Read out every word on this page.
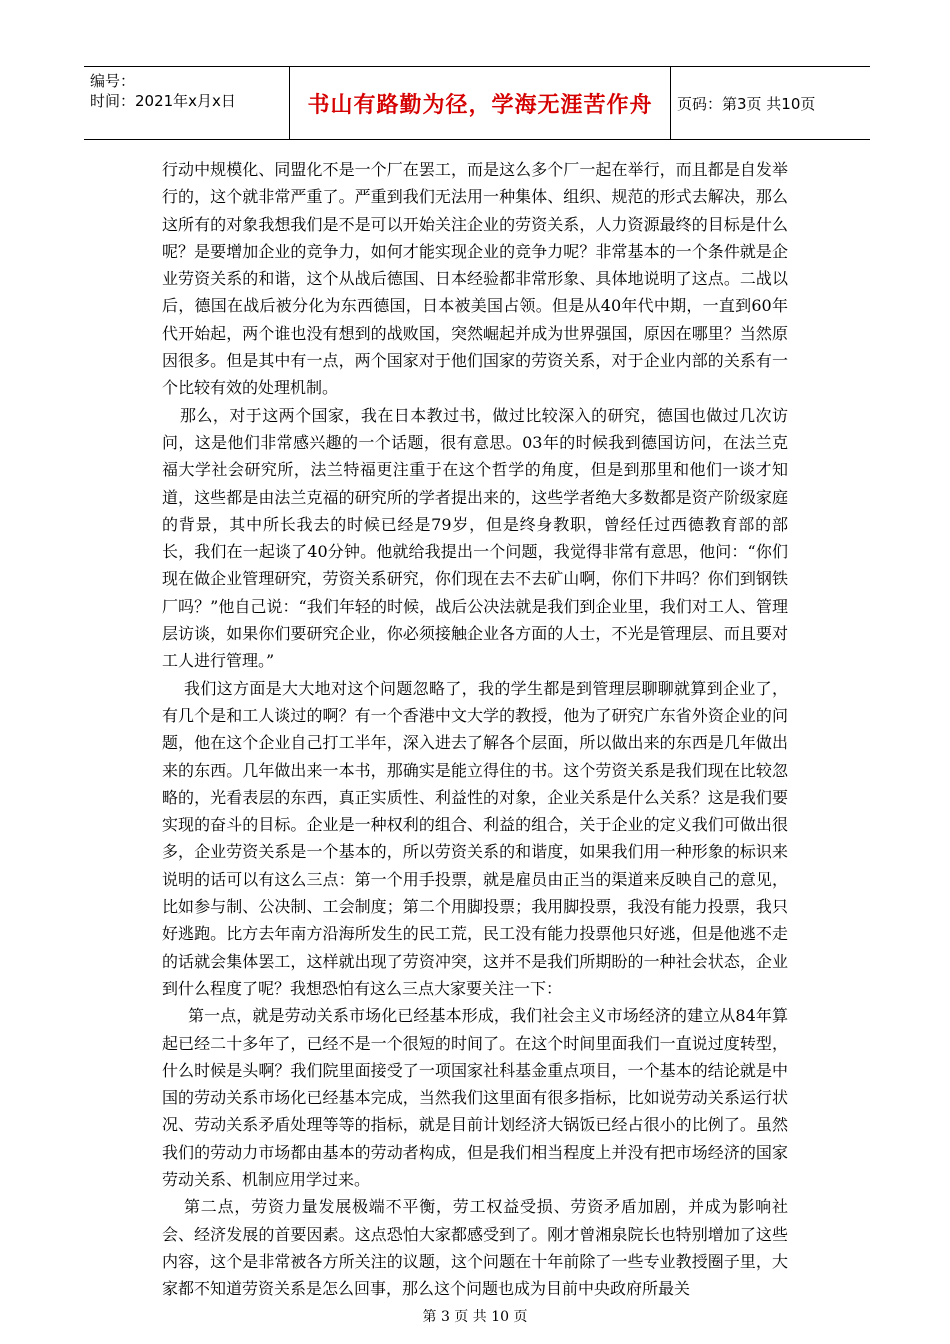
编号：
时间：2021年x月x日	书山有路勤为径，学海无涯苦作舟	页码：第3页 共10页

行动中规模化、同盟化不是一个厂在罢工，而是这么多个厂一起在举行，而且都是自发举行的，这个就非常严重了。严重到我们无法用一种集体、组织、规范的形式去解决，那么这所有的对象我想我们是不是可以开始关注企业的劳资关系，人力资源最终的目标是什么呢？是要增加企业的竞争力，如何才能实现企业的竞争力呢？非常基本的一个条件就是企业劳资关系的和谐，这个从战后德国、日本经验都非常形象、具体地说明了这点。二战以后，德国在战后被分化为东西德国，日本被美国占领。但是从40年代中期，一直到60年代开始起，两个谁也没有想到的战败国，突然崛起并成为世界强国，原因在哪里？当然原因很多。但是其中有一点，两个国家对于他们国家的劳资关系，对于企业内部的关系有一个比较有效的处理机制。

那么，对于这两个国家，我在日本教过书，做过比较深入的研究，德国也做过几次访问，这是他们非常感兴趣的一个话题，很有意思。03年的时候我到德国访问，在法兰克福大学社会研究所，法兰特福更注重于在这个哲学的角度，但是到那里和他们一谈才知道，这些都是由法兰克福的研究所的学者提出来的，这些学者绝大多数都是资产阶级家庭的背景，其中所长我去的时候已经是79岁，但是终身教职，曾经任过西德教育部的部长，我们在一起谈了40分钟。他就给我提出一个问题，我觉得非常有意思，他问：“你们现在做企业管理研究，劳资关系研究，你们现在去不去矿山啊，你们下井吗？你们到钢铁厂吗？”他自己说：“我们年轻的时候，战后公决法就是我们到企业里，我们对工人、管理层访谈，如果你们要研究企业，你必须接触企业各方面的人士，不光是管理层、而且要对工人进行管理。”

我们这方面是大大地对这个问题忽略了，我的学生都是到管理层聊聊就算到企业了，有几个是和工人谈过的啊？有一个香港中文大学的教授，他为了研究广东省外资企业的问题，他在这个企业自己打工半年，深入进去了解各个层面，所以做出来的东西是几年做出来的东西。几年做出来一本书，那确实是能立得住的书。这个劳资关系是我们现在比较忽略的，光看表层的东西，真正实质性、利益性的对象，企业关系是什么关系？这是我们要实现的奋斗的目标。企业是一种权利的组合、利益的组合，关于企业的定义我们可做出很多，企业劳资关系是一个基本的，所以劳资关系的和谐度，如果我们用一种形象的标识来说明的话可以有这么三点：第一个用手投票，就是雇员由正当的渠道来反映自己的意见，比如参与制、公决制、工会制度；第二个用脚投票；我用脚投票，我没有能力投票，我只好逃跑。比方去年南方沿海所发生的民工荒，民工没有能力投票他只好逃，但是他逃不走的话就会集体罢工，这样就出现了劳资冲突，这并不是我们所期盼的一种社会状态，企业到什么程度了呢？我想恐怕有这么三点大家要关注一下：

第一点，就是劳动关系市场化已经基本形成，我们社会主义市场经济的建立从84年算起已经二十多年了，已经不是一个很短的时间了。在这个时间里面我们一直说过度转型，什么时候是头啊？我们院里面接受了一项国家社科基金重点项目，一个基本的结论就是中国的劳动关系市场化已经基本完成，当然我们这里面有很多指标，比如说劳动关系运行状况、劳动关系矛盾处理等等的指标，就是目前计划经济大锅饭已经占很小的比例了。虽然我们的劳动力市场都由基本的劳动者构成，但是我们相当程度上并没有把市场经济的国家劳动关系、机制应用学过来。

第二点，劳资力量发展极端不平衡，劳工权益受损、劳资矛盾加剧，并成为影响社会、经济发展的首要因素。这点恐怕大家都感受到了。刚才曾湘泉院长也特别增加了这些内容，这个是非常被各方所关注的议题，这个问题在十年前除了一些专业教授圈子里，大家都不知道劳资关系是怎么回事，那么这个问题也成为目前中央政府所最关

第 3 页 共 10 页
